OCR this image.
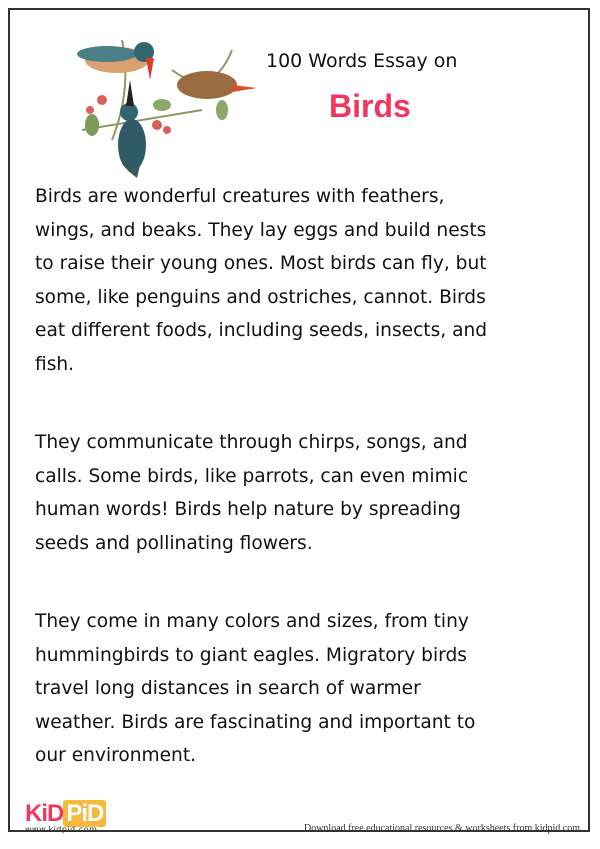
100 Words Essay on
Birds
Birds are wonderful creatures with feathers,
wings, and beaks. They lay eggs and build nests
to raise their young ones. Most birds can fly, but
some, like penguins and ostriches, cannot. Birds
eat different foods, including seeds, insects, and
fish.
They communicate through chirps, songs, and
calls. Some birds, like parrots, can even mimic
human words! Birds help nature by spreading
seeds and pollinating flowers.
They come in many colors and sizes, from tiny
hummingbirds to giant eagles. Migratory birds
travel long distances in search of warmer
weather. Birds are fascinating and important to
our environment.
KiD PiD
www.kidpid.com	Download free educational resources & worksheets from kidpid.com
